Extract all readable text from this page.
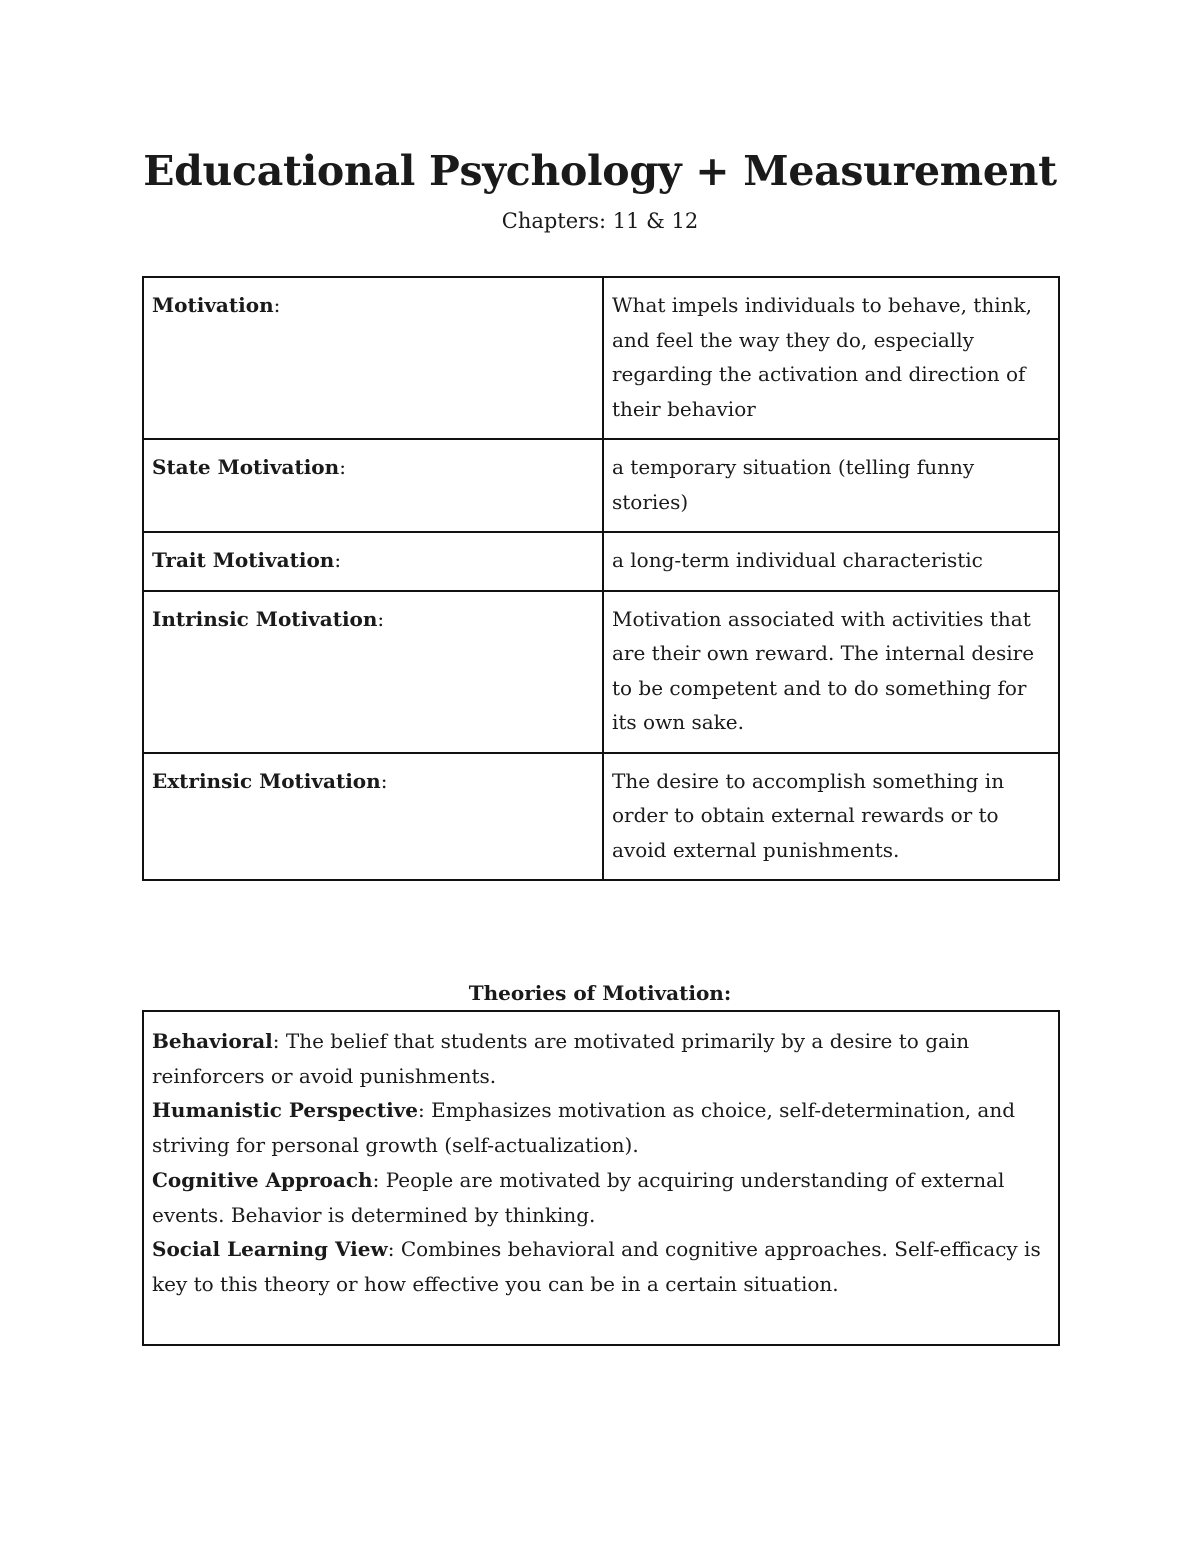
Educational Psychology + Measurement
Chapters: 11 & 12
Motivation:	What impels individuals to behave, think, and feel the way they do, especially regarding the activation and direction of their behavior
State Motivation:	a temporary situation (telling funny stories)
Trait Motivation:	a long-term individual characteristic
Intrinsic Motivation:	Motivation associated with activities that are their own reward. The internal desire to be competent and to do something for its own sake.
Extrinsic Motivation:	The desire to accomplish something in order to obtain external rewards or to avoid external punishments.
Theories of Motivation:
Behavioral: The belief that students are motivated primarily by a desire to gain reinforcers or avoid punishments.
Humanistic Perspective: Emphasizes motivation as choice, self-determination, and striving for personal growth (self-actualization).
Cognitive Approach: People are motivated by acquiring understanding of external events. Behavior is determined by thinking.
Social Learning View: Combines behavioral and cognitive approaches. Self-efficacy is key to this theory or how effective you can be in a certain situation.
